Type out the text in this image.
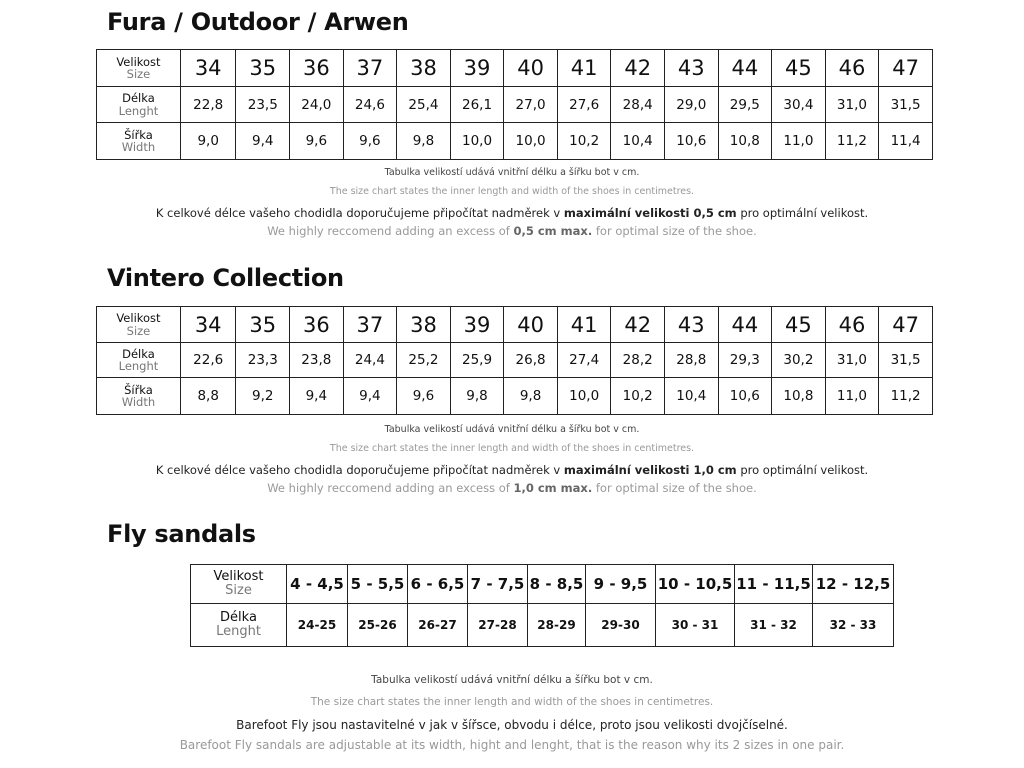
Fura / Outdoor / Arwen
Velikost
Size	34	35	36	37	38	39	40	41	42	43	44	45	46	47

Délka
Lenght	22,8	23,5	24,0	24,6	25,4	26,1	27,0	27,6	28,4	29,0	29,5	30,4	31,0	31,5

Šířka
Width	9,0	9,4	9,6	9,6	9,8	10,0	10,0	10,2	10,4	10,6	10,8	11,0	11,2	11,4
Tabulka velikostí udává vnitřní délku a šířku bot v cm.
The size chart states the inner length and width of the shoes in centimetres.
K celkové délce vašeho chodidla doporučujeme připočítat nadměrek v maximální velikosti 0,5 cm pro optimální velikost.
We highly reccomend adding an excess of 0,5 cm max. for optimal size of the shoe.
Vintero Collection
Velikost
Size	34	35	36	37	38	39	40	41	42	43	44	45	46	47

Délka
Lenght	22,6	23,3	23,8	24,4	25,2	25,9	26,8	27,4	28,2	28,8	29,3	30,2	31,0	31,5

Šířka
Width	8,8	9,2	9,4	9,4	9,6	9,8	9,8	10,0	10,2	10,4	10,6	10,8	11,0	11,2
Tabulka velikostí udává vnitřní délku a šířku bot v cm.
The size chart states the inner length and width of the shoes in centimetres.
K celkové délce vašeho chodidla doporučujeme připočítat nadměrek v maximální velikosti 1,0 cm pro optimální velikost.
We highly reccomend adding an excess of 1,0 cm max. for optimal size of the shoe.
Fly sandals
Velikost
Size	4 - 4,5	5 - 5,5	6 - 6,5	7 - 7,5	8 - 8,5	9 - 9,5	10 - 10,5	11 - 11,5	12 - 12,5

Délka
Lenght	24-25	25-26	26-27	27-28	28-29	29-30	30 - 31	31 - 32	32 - 33
Tabulka velikostí udává vnitřní délku a šířku bot v cm.
The size chart states the inner length and width of the shoes in centimetres.
Barefoot Fly jsou nastavitelné v jak v šířsce, obvodu i délce, proto jsou velikosti dvojčíselné.
Barefoot Fly sandals are adjustable at its width, hight and lenght, that is the reason why its 2 sizes in one pair.
